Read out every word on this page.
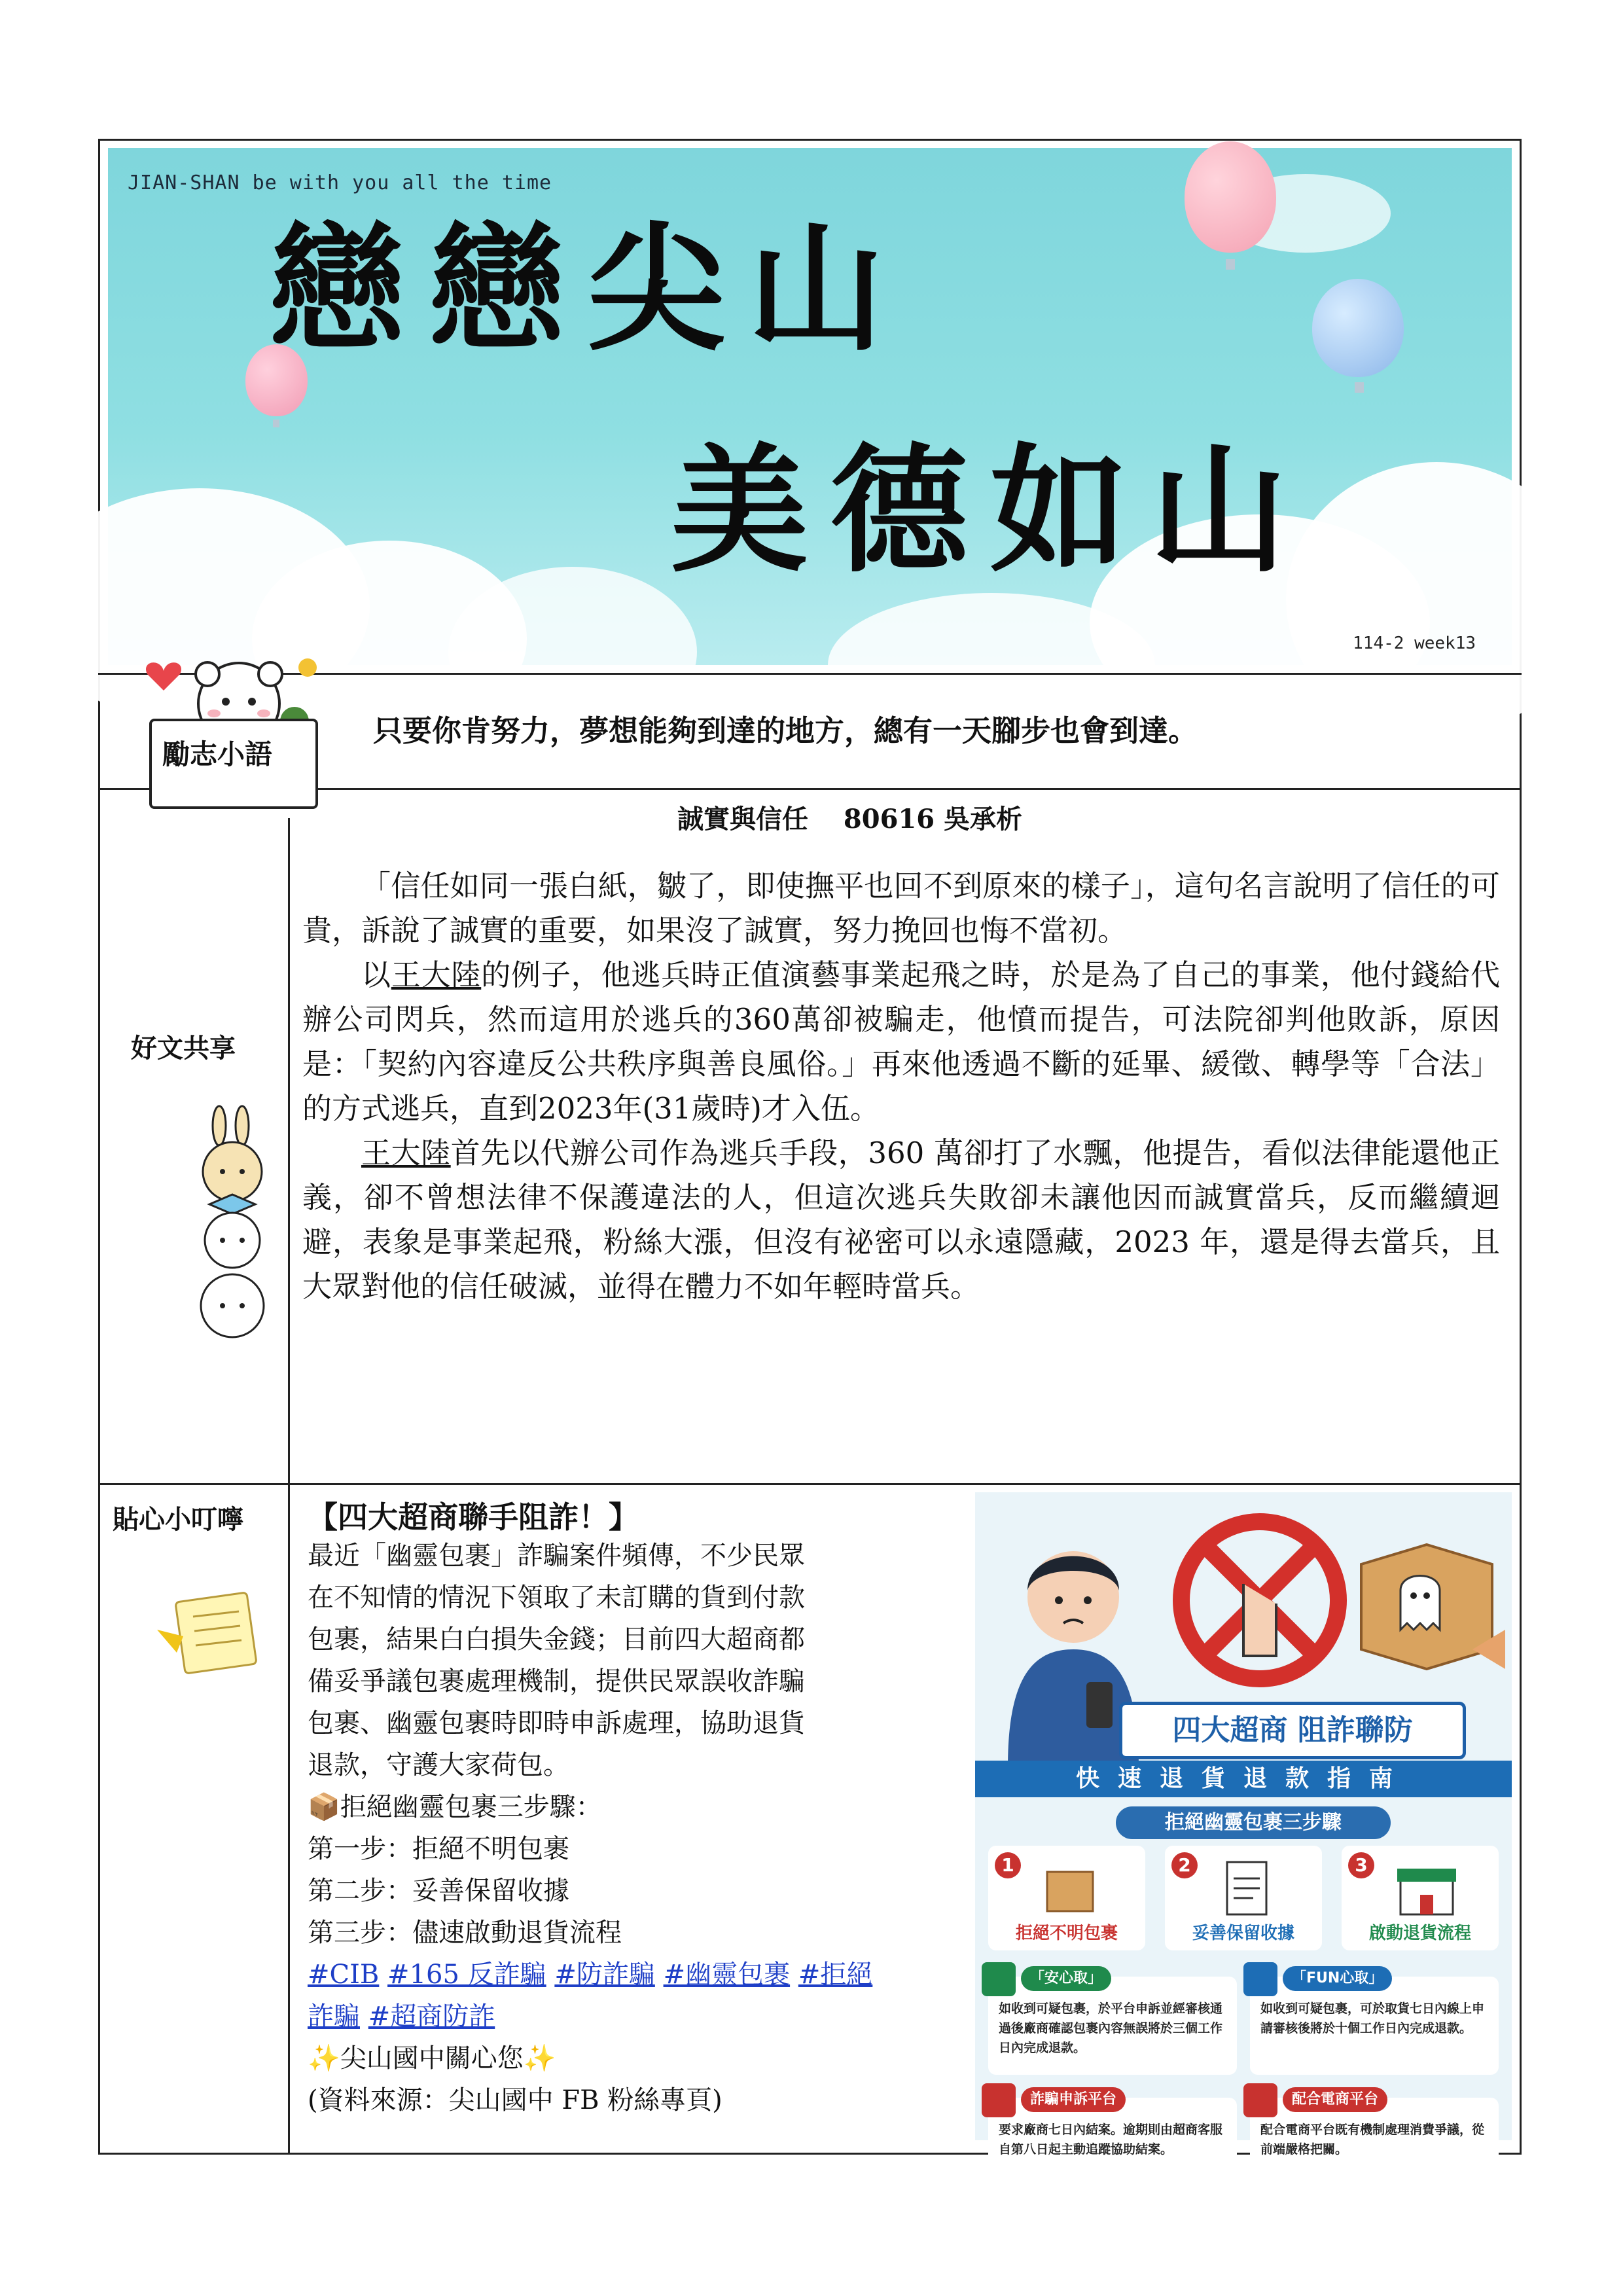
JIAN-SHAN be with you all the time
戀戀尖山
美德如山
114-2 week13
勵志小語
只要你肯努力，夢想能夠到達的地方，總有一天腳步也會到達。
好文共享
誠實與信任　 80616 吳承析

「信任如同一張白紙，皺了，即使撫平也回不到原來的樣子」，這句名言說明了信任的可貴，訴說了誠實的重要，如果沒了誠實，努力挽回也悔不當初。

以王大陸的例子，他逃兵時正值演藝事業起飛之時，於是為了自己的事業，他付錢給代辦公司閃兵，然而這用於逃兵的360萬卻被騙走，他憤而提告，可法院卻判他敗訴，原因是：「契約內容違反公共秩序與善良風俗。」再來他透過不斷的延畢、緩徵、轉學等「合法」的方式逃兵，直到2023年(31歲時)才入伍。

王大陸首先以代辦公司作為逃兵手段，360 萬卻打了水飄，他提告，看似法律能還他正義，卻不曾想法律不保護違法的人，但這次逃兵失敗卻未讓他因而誠實當兵，反而繼續迴避，表象是事業起飛，粉絲大漲，但沒有祕密可以永遠隱藏，2023 年，還是得去當兵，且大眾對他的信任破滅，並得在體力不如年輕時當兵。

貼心小叮嚀 【四大超商聯手阻詐！】
最近「幽靈包裹」詐騙案件頻傳，不少民眾
在不知情的情況下領取了未訂購的貨到付款
包裹，結果白白損失金錢；目前四大超商都
備妥爭議包裹處理機制，提供民眾誤收詐騙
包裹、幽靈包裹時即時申訴處理，協助退貨
退款，守護大家荷包。
📦拒絕幽靈包裹三步驟：
第一步：拒絕不明包裹
第二步：妥善保留收據
第三步：儘速啟動退貨流程
#CIB #165 反詐騙 #防詐騙 #幽靈包裹 #拒絕
詐騙 #超商防詐
✨尖山國中關心您✨
(資料來源：尖山國中 FB 粉絲專頁)
四大超商 阻詐聯防
快速退貨退款指南
拒絕幽靈包裹三步驟
1
拒絕不明包裹
2
妥善保留收據
3
啟動退貨流程
「安心取」
如收到可疑包裹，於平台申訴並經審核通過後廠商確認包裹內容無誤將於三個工作日內完成退款。
「FUN心取」
如收到可疑包裹，可於取貨七日內線上申請審核後將於十個工作日內完成退款。
詐騙申訴平台
要求廠商七日內結案。逾期則由超商客服自第八日起主動追蹤協助結案。
配合電商平台
配合電商平台既有機制處理消費爭議，從前端嚴格把關。
